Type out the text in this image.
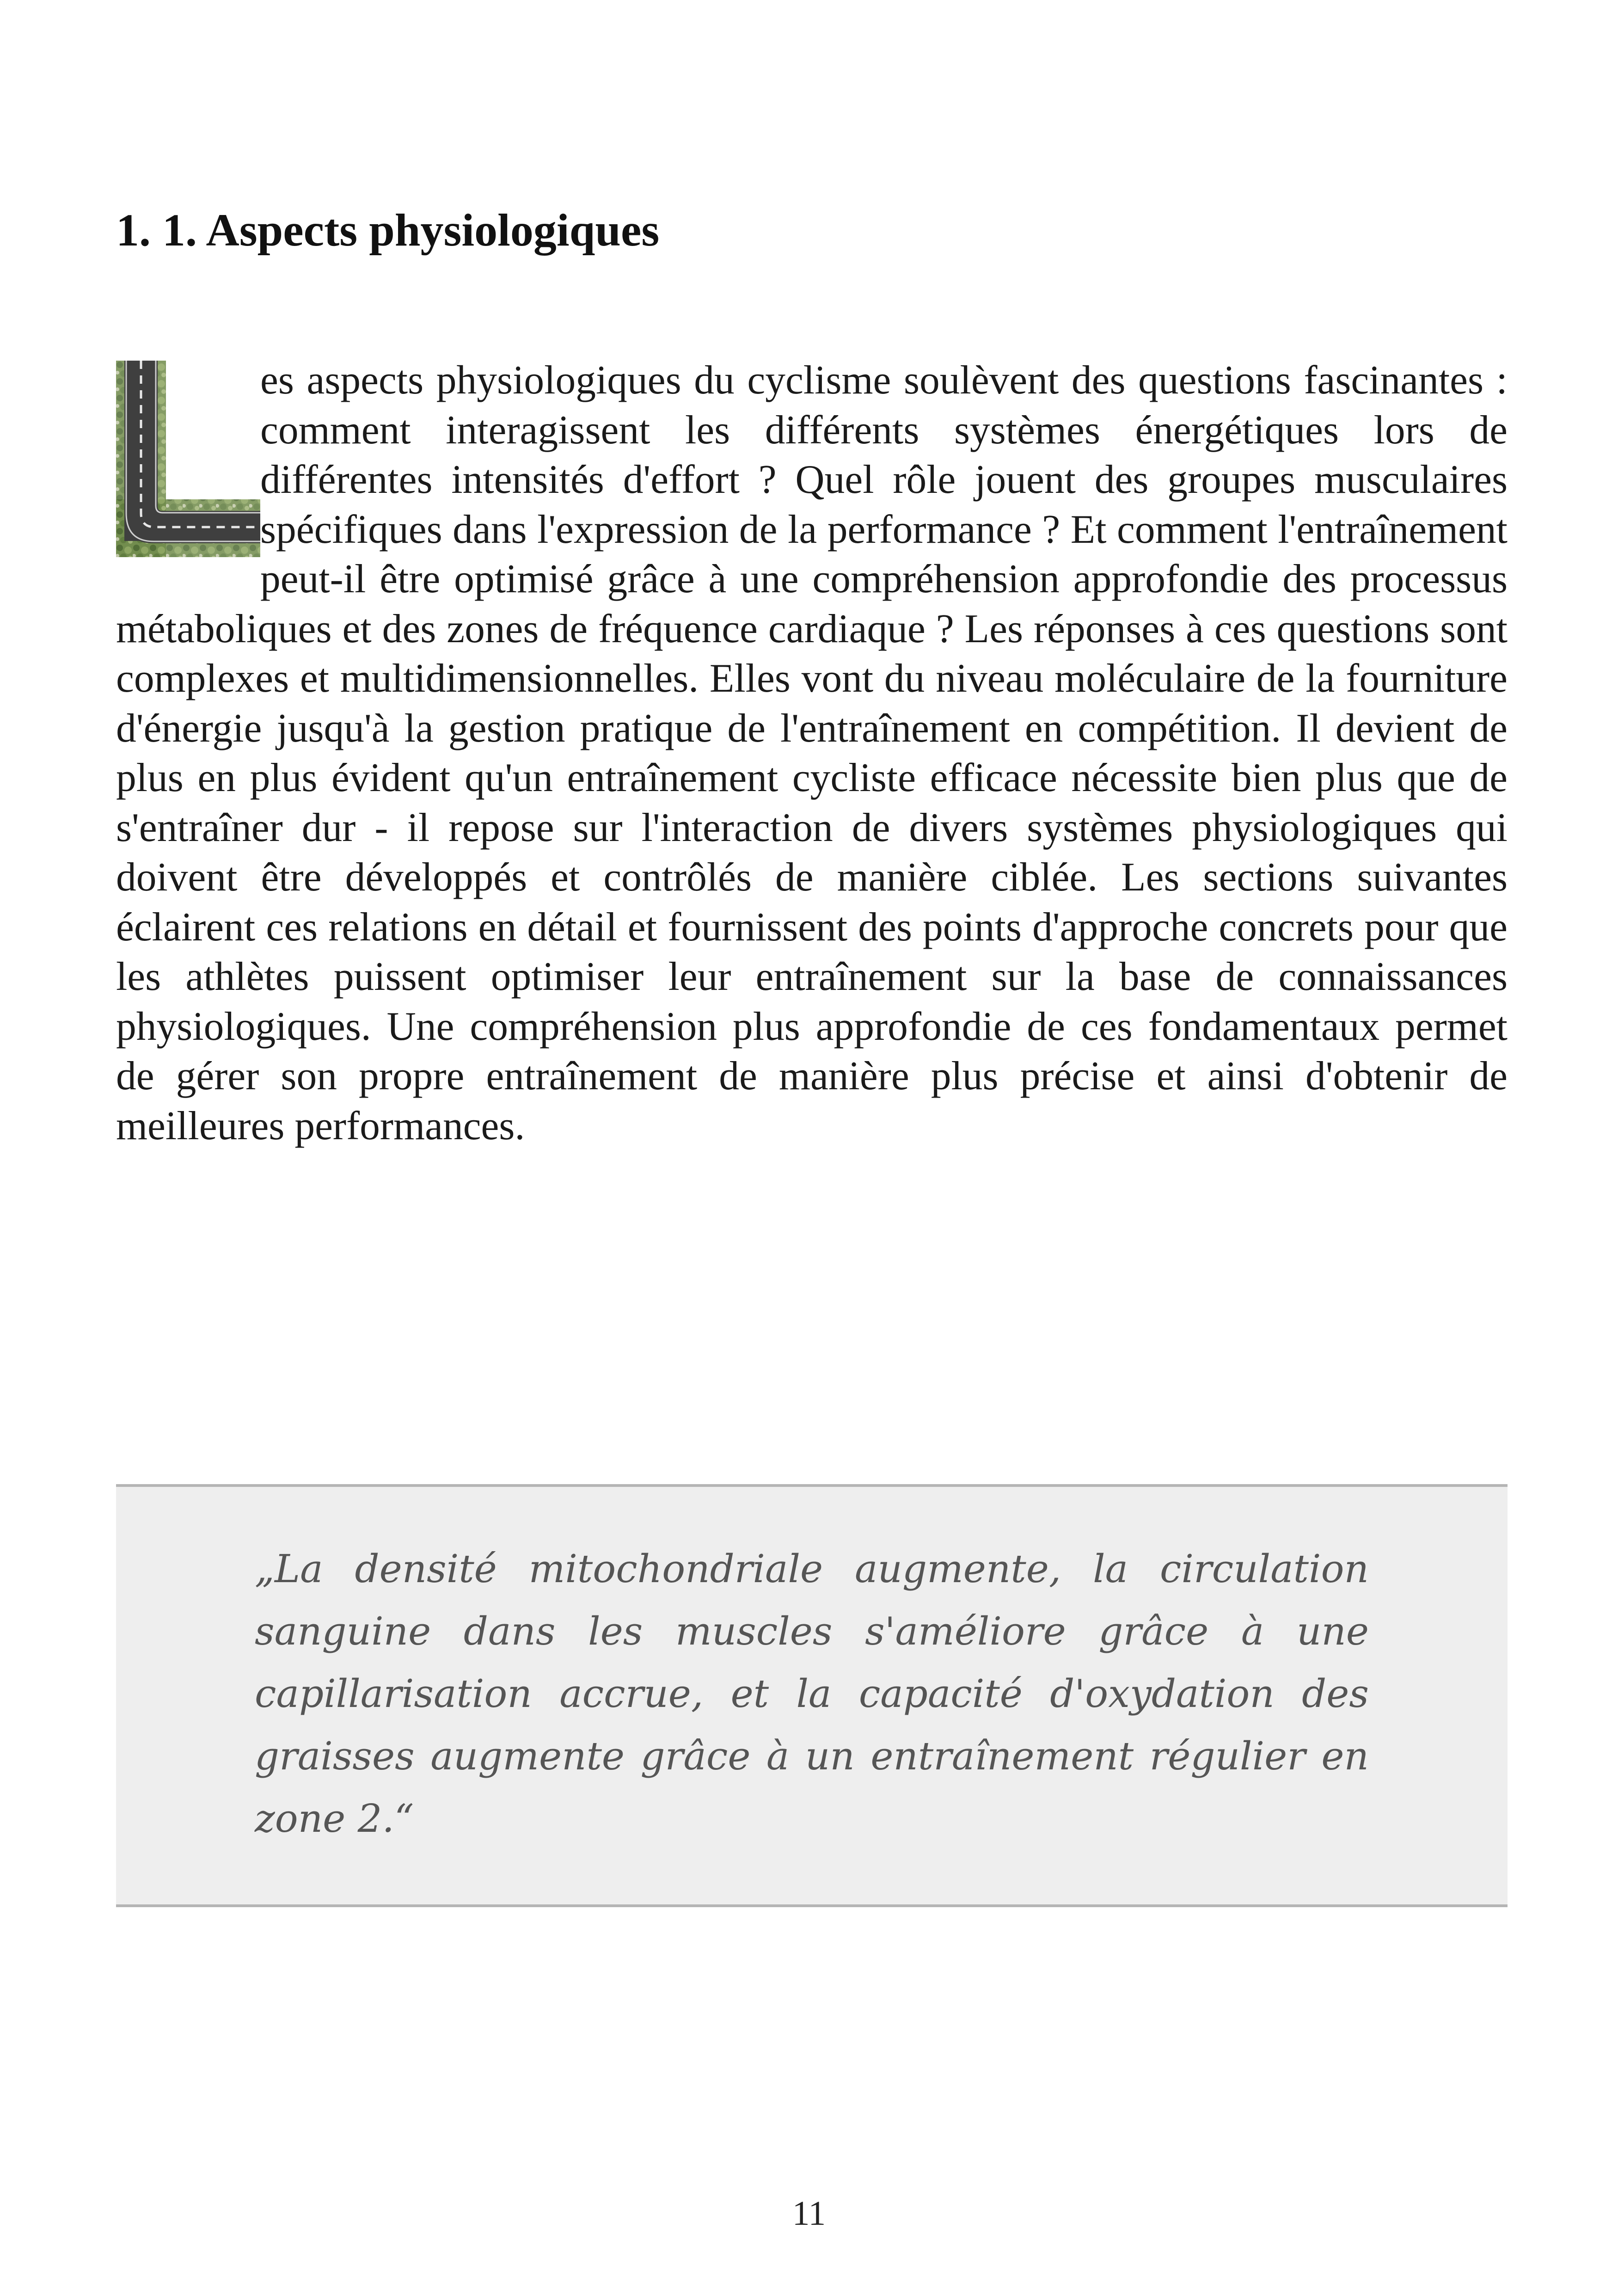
1. 1. Aspects physiologiques
es aspects physiologiques du cyclisme soulèvent des questions fascinantes : comment interagissent les différents systèmes énergétiques lors de différentes intensités d'effort ? Quel rôle jouent des groupes musculaires spécifiques dans l'expression de la performance ? Et comment l'entraînement peut-il être optimisé grâce à une compréhension approfondie des processus métaboliques et des zones de fréquence cardiaque ? Les réponses à ces questions sont complexes et multidimensionnelles. Elles vont du niveau moléculaire de la fourniture d'énergie jusqu'à la gestion pratique de l'entraînement en compétition. Il devient de plus en plus évident qu'un entraînement cycliste efficace nécessite bien plus que de s'entraîner dur - il repose sur l'interaction de divers systèmes physiologiques qui doivent être développés et contrôlés de manière ciblée. Les sections suivantes éclairent ces relations en détail et fournissent des points d'approche concrets pour que les athlètes puissent optimiser leur entraînement sur la base de connaissances physiologiques. Une compréhension plus approfondie de ces fondamentaux permet de gérer son propre entraînement de manière plus précise et ainsi d'obtenir de meilleures performances.

„La densité mitochondriale augmente, la circulation sanguine dans les muscles s'améliore grâce à une capillarisation accrue, et la capacité d'oxydation des graisses augmente grâce à un entraînement régulier en zone 2.“

11
